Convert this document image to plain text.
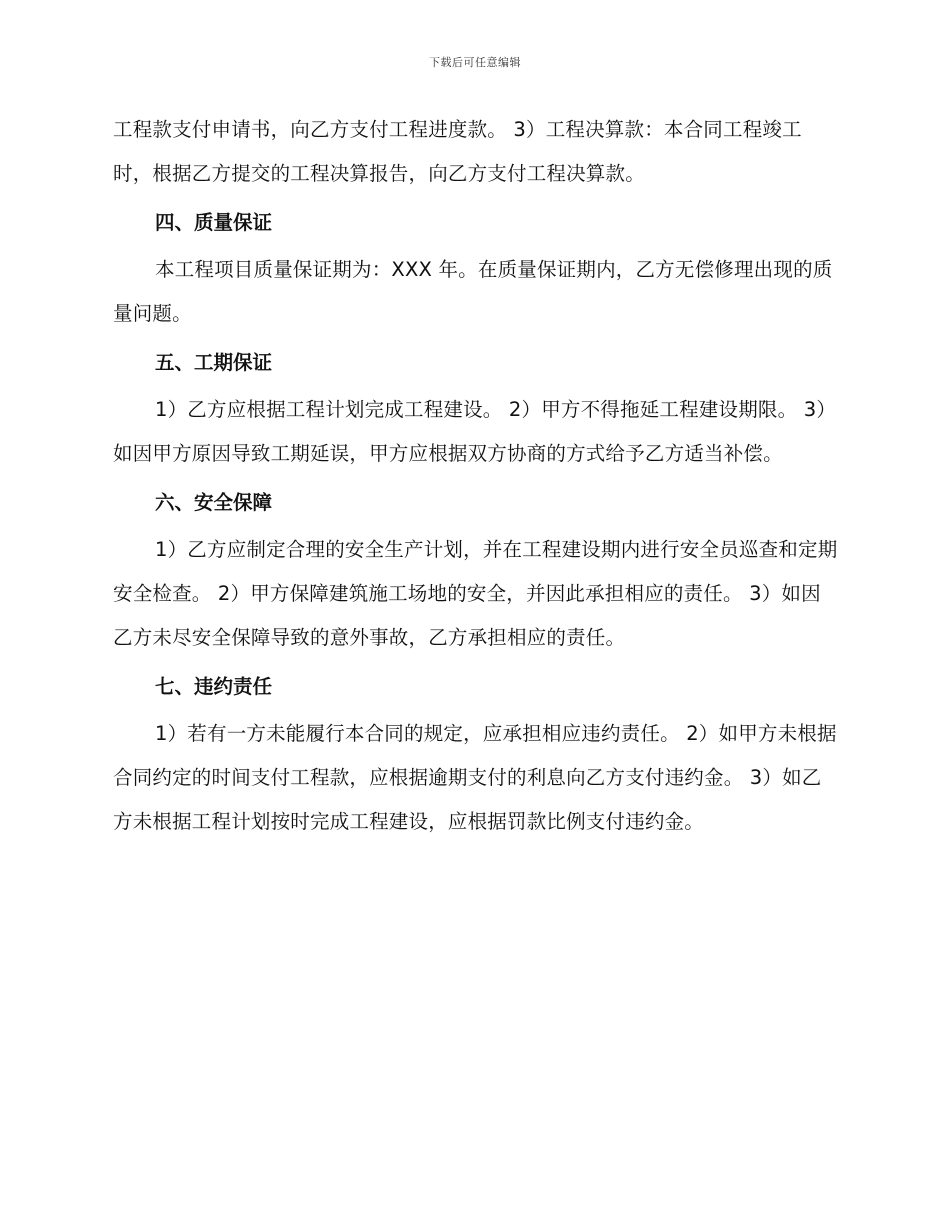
下载后可任意编辑

工程款支付申请书，向乙方支付工程进度款。 3）工程决算款：本合同工程竣工时，根据乙方提交的工程决算报告，向乙方支付工程决算款。

四、质量保证

本工程项目质量保证期为：XXX 年。在质量保证期内，乙方无偿修理出现的质量问题。

五、工期保证

1）乙方应根据工程计划完成工程建设。 2）甲方不得拖延工程建设期限。 3）如因甲方原因导致工期延误，甲方应根据双方协商的方式给予乙方适当补偿。

六、安全保障

1）乙方应制定合理的安全生产计划，并在工程建设期内进行安全员巡查和定期安全检查。 2）甲方保障建筑施工场地的安全，并因此承担相应的责任。 3）如因乙方未尽安全保障导致的意外事故，乙方承担相应的责任。

七、违约责任

1）若有一方未能履行本合同的规定，应承担相应违约责任。 2）如甲方未根据合同约定的时间支付工程款，应根据逾期支付的利息向乙方支付违约金。 3）如乙方未根据工程计划按时完成工程建设，应根据罚款比例支付违约金。
